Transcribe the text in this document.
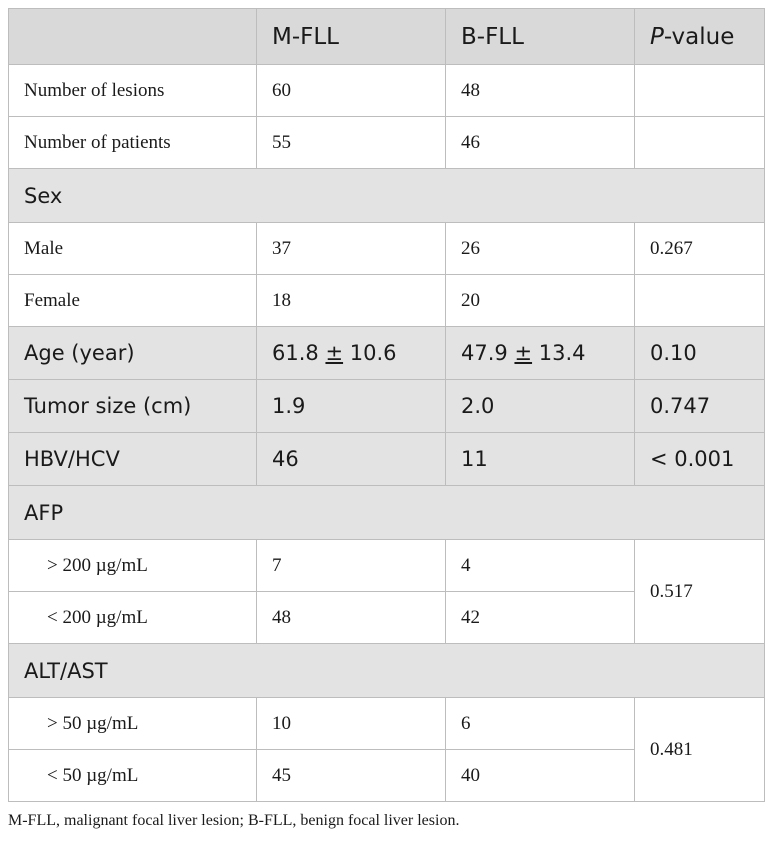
	M-FLL	B-FLL	P-value
Number of lesions	60	48	
Number of patients	55	46	
Sex			
Male	37	26	0.267
Female	18	20	
Age (year)	61.8 ± 10.6	47.9 ± 13.4	0.10
Tumor size (cm)	1.9	2.0	0.747
HBV/HCV	46	11	< 0.001
AFP			
> 200 µg/mL	7	4	0.517
< 200 µg/mL	48	42	
ALT/AST			
> 50 µg/mL	10	6	0.481
< 50 µg/mL	45	40	

M-FLL, malignant focal liver lesion; B-FLL, benign focal liver lesion.
